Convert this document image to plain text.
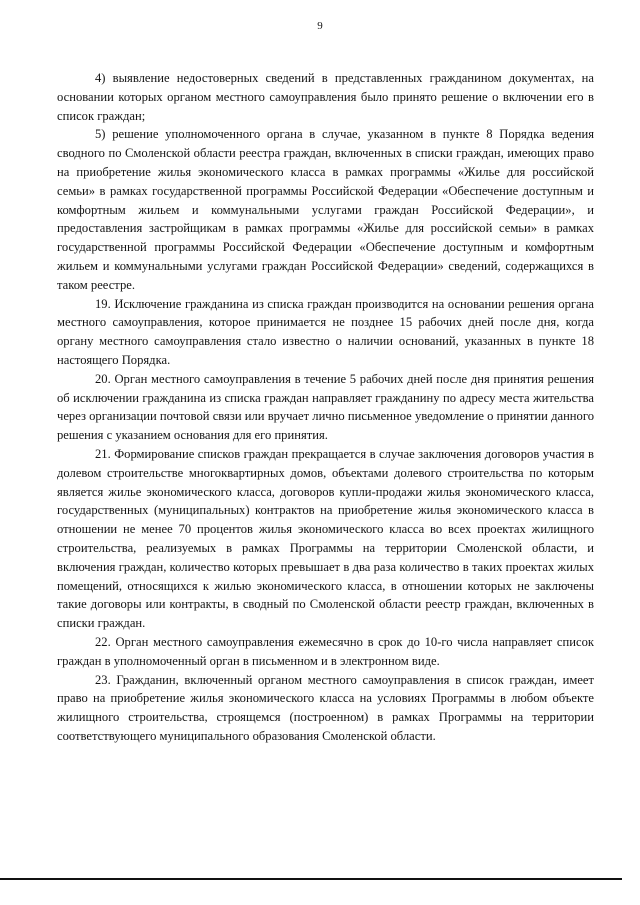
9

4) выявление недостоверных сведений в представленных гражданином документах, на основании которых органом местного самоуправления было принято решение о включении его в список граждан;

5) решение уполномоченного органа в случае, указанном в пункте 8 Порядка ведения сводного по Смоленской области реестра граждан, включенных в списки граждан, имеющих право на приобретение жилья экономического класса в рамках программы «Жилье для российской семьи» в рамках государственной программы Российской Федерации «Обеспечение доступным и комфортным жильем и коммунальными услугами граждан Российской Федерации», и предоставления застройщикам в рамках программы «Жилье для российской семьи» в рамках государственной программы Российской Федерации «Обеспечение доступным и комфортным жильем и коммунальными услугами граждан Российской Федерации» сведений, содержащихся в таком реестре.

19. Исключение гражданина из списка граждан производится на основании решения органа местного самоуправления, которое принимается не позднее 15 рабочих дней после дня, когда органу местного самоуправления стало известно о наличии оснований, указанных в пункте 18 настоящего Порядка.

20. Орган местного самоуправления в течение 5 рабочих дней после дня принятия решения об исключении гражданина из списка граждан направляет гражданину по адресу места жительства через организации почтовой связи или вручает лично письменное уведомление о принятии данного решения с указанием основания для его принятия.

21. Формирование списков граждан прекращается в случае заключения договоров участия в долевом строительстве многоквартирных домов, объектами долевого строительства по которым является жилье экономического класса, договоров купли-продажи жилья экономического класса, государственных (муниципальных) контрактов на приобретение жилья экономического класса в отношении не менее 70 процентов жилья экономического класса во всех проектах жилищного строительства, реализуемых в рамках Программы на территории Смоленской области, и включения граждан, количество которых превышает в два раза количество в таких проектах жилых помещений, относящихся к жилью экономического класса, в отношении которых не заключены такие договоры или контракты, в сводный по Смоленской области реестр граждан, включенных в списки граждан.

22. Орган местного самоуправления ежемесячно в срок до 10-го числа направляет список граждан в уполномоченный орган в письменном и в электронном виде.

23. Гражданин, включенный органом местного самоуправления в список граждан, имеет право на приобретение жилья экономического класса на условиях Программы в любом объекте жилищного строительства, строящемся (построенном) в рамках Программы на территории соответствующего муниципального образования Смоленской области.
